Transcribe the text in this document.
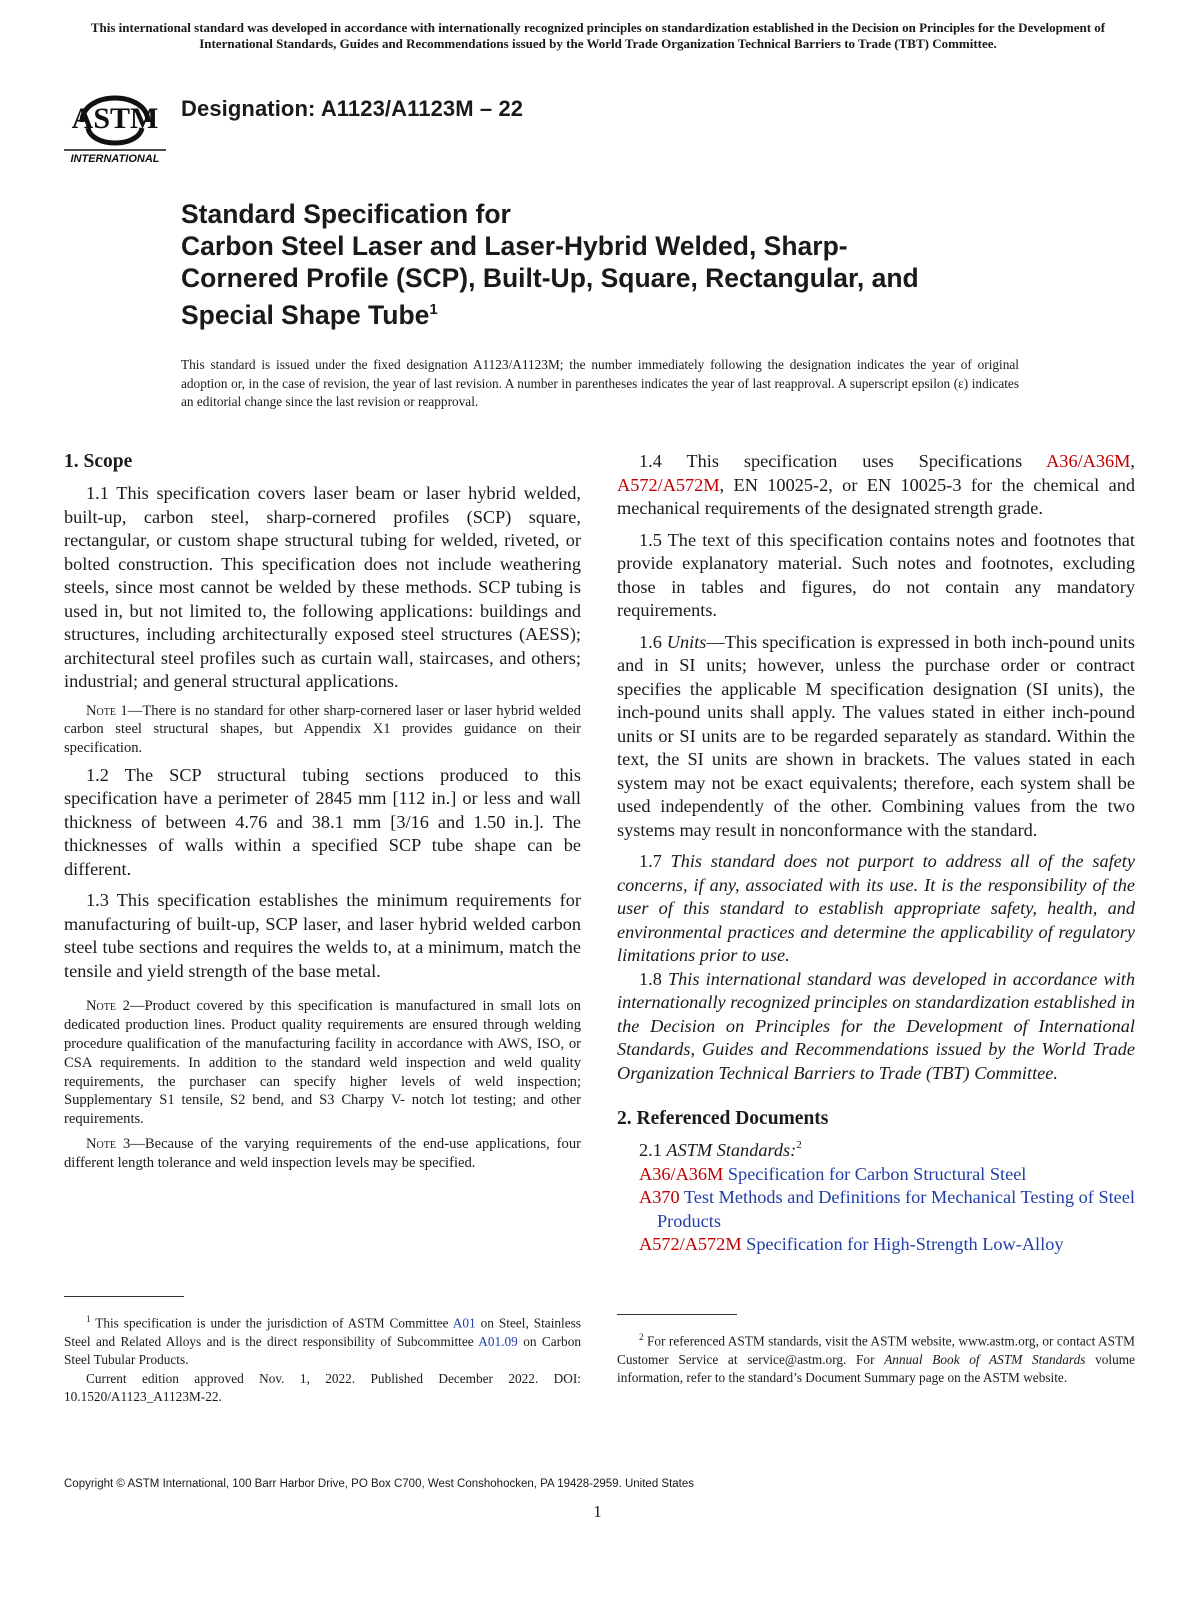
This international standard was developed in accordance with internationally recognized principles on standardization established in the Decision on Principles for the Development of International Standards, Guides and Recommendations issued by the World Trade Organization Technical Barriers to Trade (TBT) Committee.
ASTM
INTERNATIONAL
Designation: A1123/A1123M – 22
Standard Specification for
Carbon Steel Laser and Laser-Hybrid Welded, Sharp-
Cornered Profile (SCP), Built-Up, Square, Rectangular, and
Special Shape Tube$^1$
This standard is issued under the fixed designation A1123/A1123M; the number immediately following the designation indicates the year of original adoption or, in the case of revision, the year of last revision. A number in parentheses indicates the year of last reapproval. A superscript epsilon (ε) indicates an editorial change since the last revision or reapproval.
1. Scope

1.1 This specification covers laser beam or laser hybrid welded, built-up, carbon steel, sharp-cornered profiles (SCP) square, rectangular, or custom shape structural tubing for welded, riveted, or bolted construction. This specification does not include weathering steels, since most cannot be welded by these methods. SCP tubing is used in, but not limited to, the following applications: buildings and structures, including architecturally exposed steel structures (AESS); architectural steel profiles such as curtain wall, staircases, and others; industrial; and general structural applications.

Note 1—There is no standard for other sharp-cornered laser or laser hybrid welded carbon steel structural shapes, but Appendix X1 provides guidance on their specification.

1.2 The SCP structural tubing sections produced to this specification have a perimeter of 2845 mm [112 in.] or less and wall thickness of between 4.76 and 38.1 mm [3/16 and 1.50 in.]. The thicknesses of walls within a specified SCP tube shape can be different.

1.3 This specification establishes the minimum requirements for manufacturing of built-up, SCP laser, and laser hybrid welded carbon steel tube sections and requires the welds to, at a minimum, match the tensile and yield strength of the base metal.

Note 2—Product covered by this specification is manufactured in small lots on dedicated production lines. Product quality requirements are ensured through welding procedure qualification of the manufacturing facility in accordance with AWS, ISO, or CSA requirements. In addition to the standard weld inspection and weld quality requirements, the purchaser can specify higher levels of weld inspection; Supplementary S1 tensile, S2 bend, and S3 Charpy V- notch lot testing; and other requirements.

Note 3—Because of the varying requirements of the end-use applications, four different length tolerance and weld inspection levels may be specified.

1.4 This specification uses Specifications A36/A36M, A572/A572M, EN 10025-2, or EN 10025-3 for the chemical and mechanical requirements of the designated strength grade.

1.5 The text of this specification contains notes and footnotes that provide explanatory material. Such notes and footnotes, excluding those in tables and figures, do not contain any mandatory requirements.

1.6 Units—This specification is expressed in both inch-pound units and in SI units; however, unless the purchase order or contract specifies the applicable M specification designation (SI units), the inch-pound units shall apply. The values stated in either inch-pound units or SI units are to be regarded separately as standard. Within the text, the SI units are shown in brackets. The values stated in each system may not be exact equivalents; therefore, each system shall be used independently of the other. Combining values from the two systems may result in nonconformance with the standard.

1.7 This standard does not purport to address all of the safety concerns, if any, associated with its use. It is the responsibility of the user of this standard to establish appropriate safety, health, and environmental practices and determine the applicability of regulatory limitations prior to use.

1.8 This international standard was developed in accordance with internationally recognized principles on standardization established in the Decision on Principles for the Development of International Standards, Guides and Recommendations issued by the World Trade Organization Technical Barriers to Trade (TBT) Committee.

2. Referenced Documents
2.1 ASTM Standards:$^2$
A36/A36M Specification for Carbon Structural Steel
A370 Test Methods and Definitions for Mechanical Testing of Steel Products
A572/A572M Specification for High-Strength Low-Alloy

$^1$ This specification is under the jurisdiction of ASTM Committee A01 on Steel, Stainless Steel and Related Alloys and is the direct responsibility of Subcommittee A01.09 on Carbon Steel Tubular Products.

Current edition approved Nov. 1, 2022. Published December 2022. DOI: 10.1520/A1123_A1123M-22.

$^2$ For referenced ASTM standards, visit the ASTM website, www.astm.org, or contact ASTM Customer Service at service@astm.org. For Annual Book of ASTM Standards volume information, refer to the standard’s Document Summary page on the ASTM website.

Copyright © ASTM International, 100 Barr Harbor Drive, PO Box C700, West Conshohocken, PA 19428-2959. United States
1
